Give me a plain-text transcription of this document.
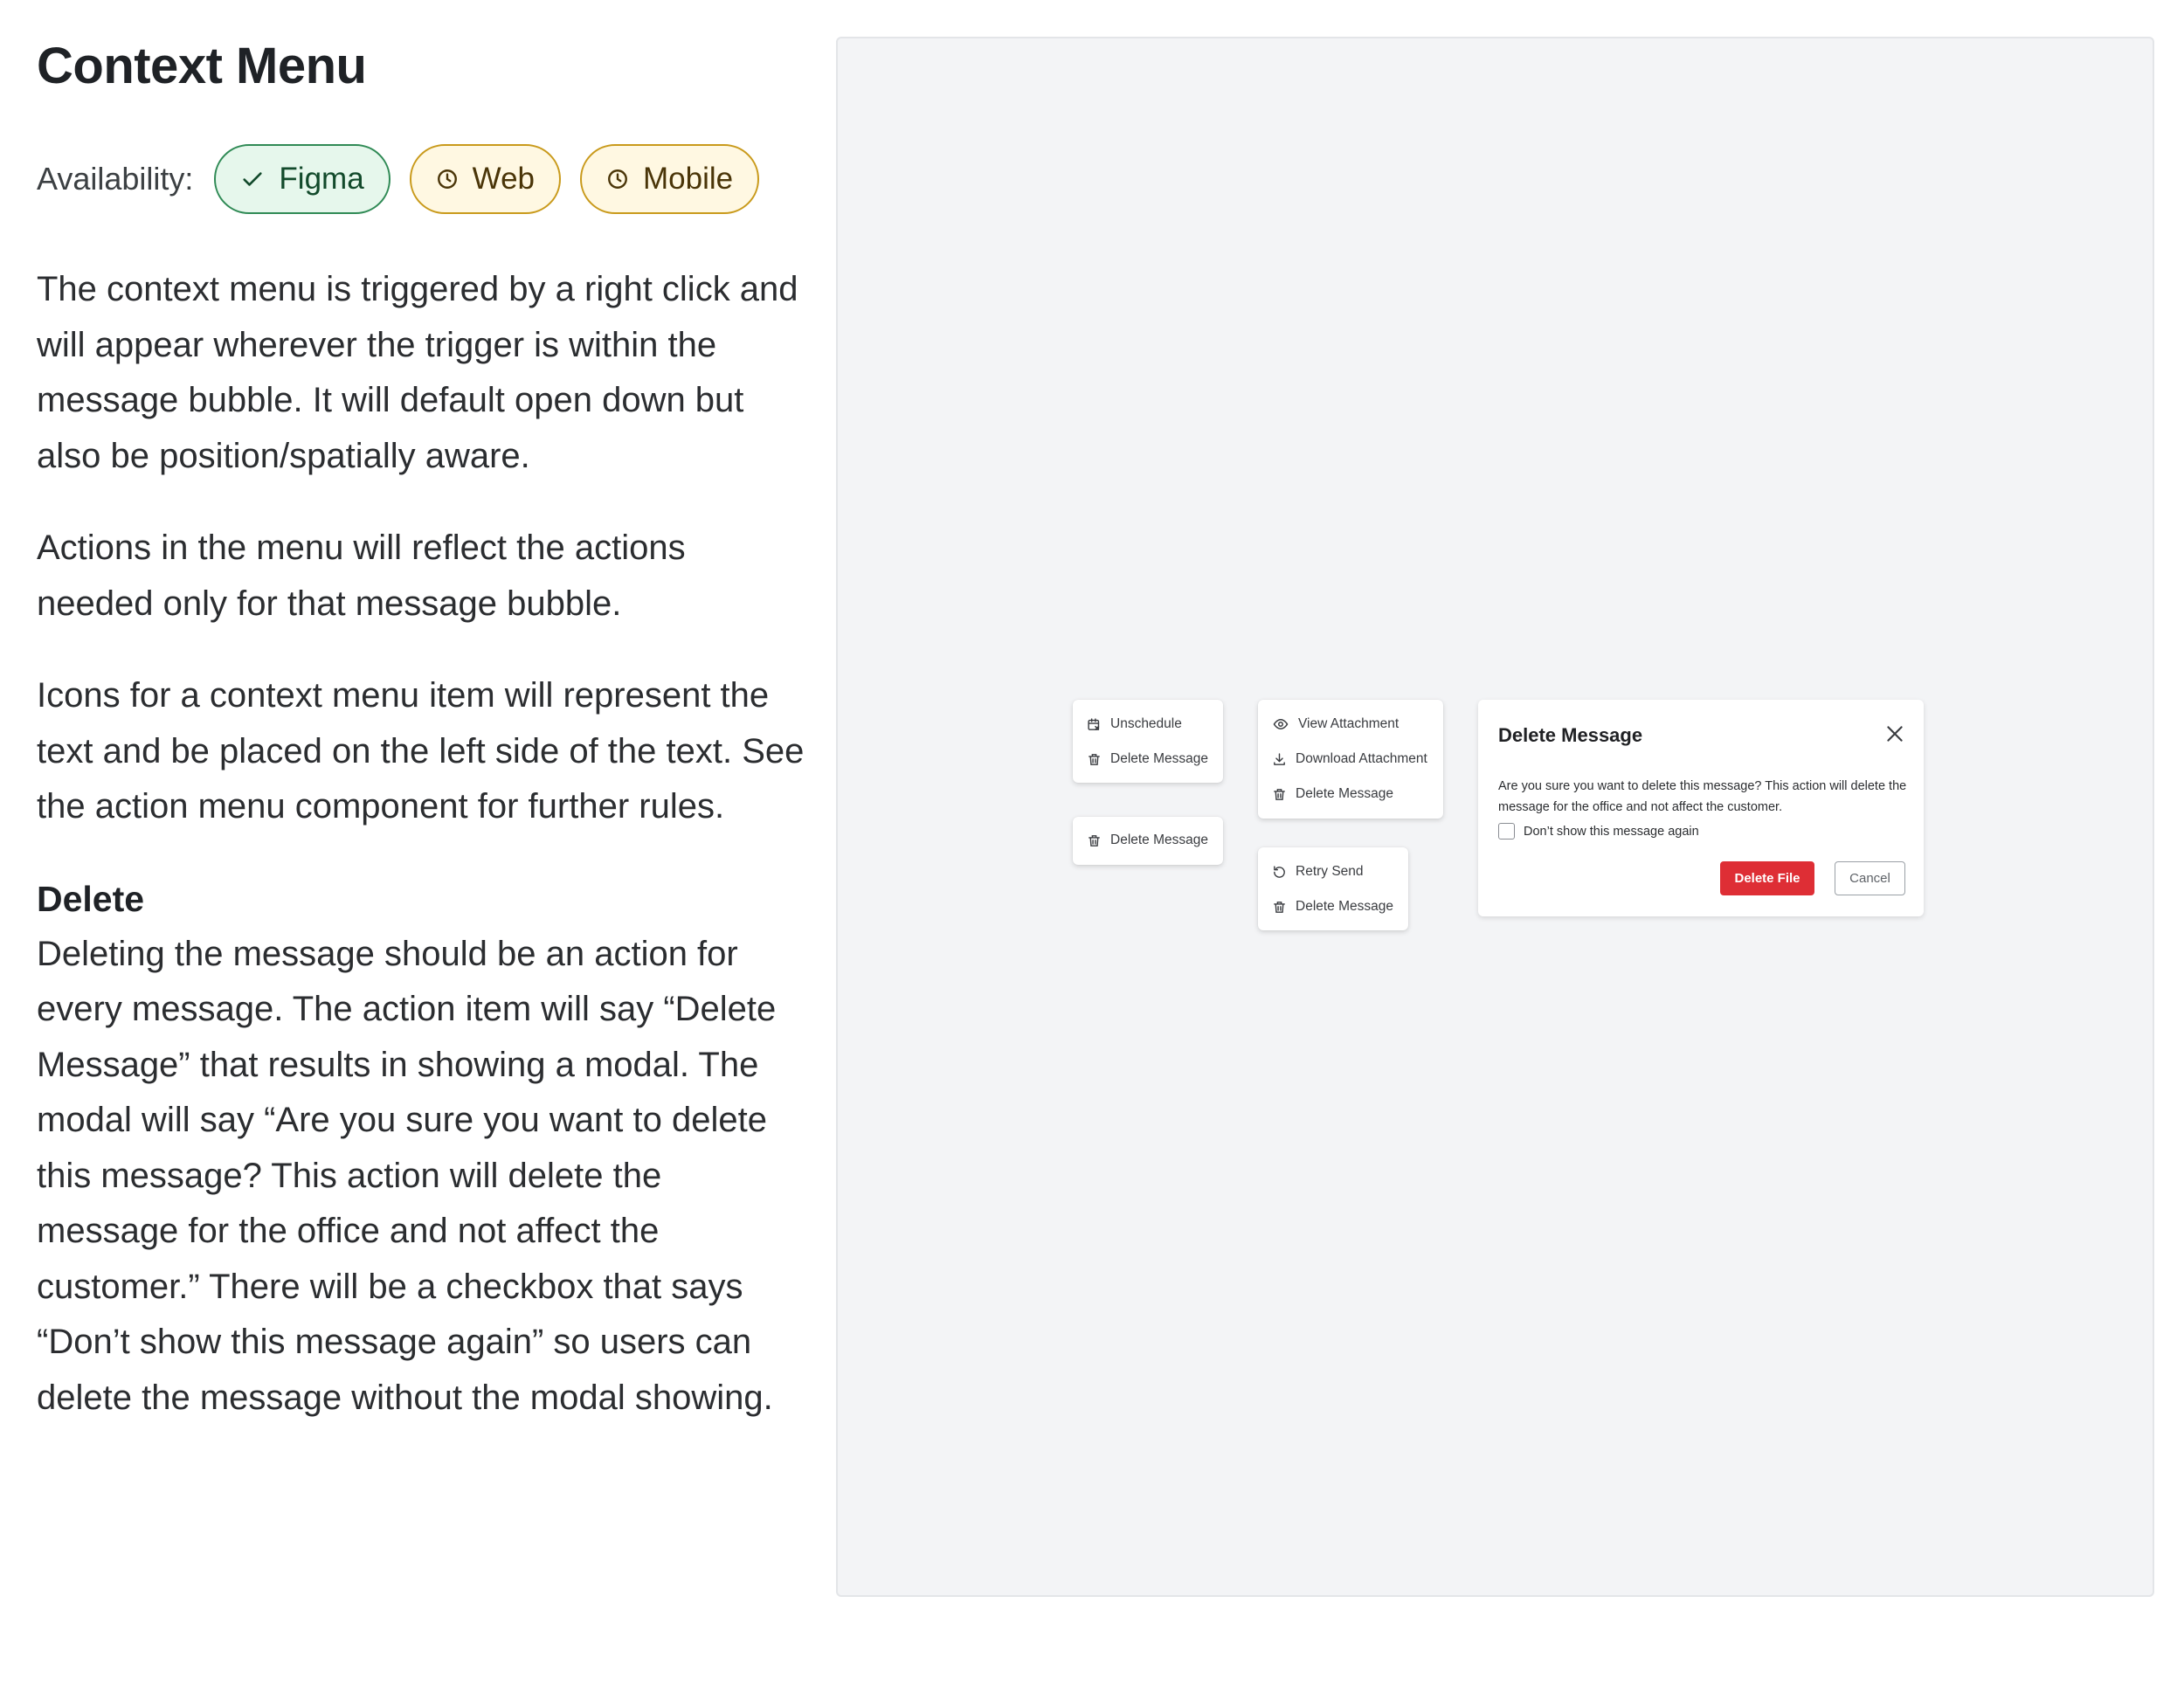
Context Menu
Availability:	Figma	Web	Mobile

The context menu is triggered by a right click and will appear wherever the trigger is within the message bubble. It will default open down but also be position/spatially aware.

Actions in the menu will reflect the actions needed only for that message bubble.

Icons for a context menu item will represent the text and be placed on the left side of the text. See the action menu component for further rules.

Delete

Deleting the message should be an action for every message. The action item will say “Delete Message” that results in showing a modal. The modal will say “Are you sure you want to delete this message? This action will delete the message for the office and not affect the customer.” There will be a checkbox that says “Don’t show this message again” so users can delete the message without the modal showing.

Unschedule
Delete Message
Delete Message
View Attachment
Download Attachment
Delete Message
Retry Send
Delete Message
Delete Message
Are you sure you want to delete this message? This action will delete the message for the office and not affect the customer.
Don’t show this message again
Delete File	Cancel
